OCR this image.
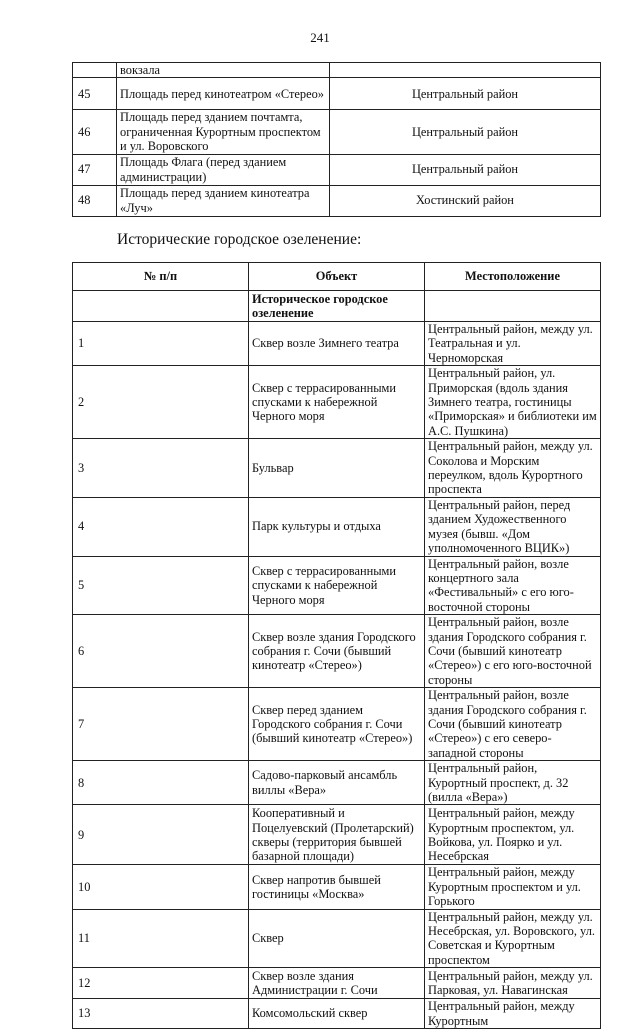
241
	вокзала	
45	Площадь перед кинотеатром «Стерео»	Центральный район
46	Площадь перед зданием почтамта, ограниченная Курортным проспектом и ул. Воровского	Центральный район
47	Площадь Флага (перед зданием администрации)	Центральный район
48	Площадь перед зданием кинотеатра «Луч»	Хостинский район
Исторические городское озеленение:
№ п/п	Объект	Местоположение
	Историческое городское озеленение	
1	Сквер возле Зимнего театра	Центральный район, между ул. Театральная и ул. Черноморская
2	Сквер с террасированными спусками к набережной Черного моря	Центральный район, ул. Приморская (вдоль здания Зимнего театра, гостиницы «Приморская» и библиотеки им А.С. Пушкина)
3	Бульвар	Центральный район, между ул. Соколова и Морским переулком, вдоль Курортного проспекта
4	Парк культуры и отдыха	Центральный район, перед зданием Художественного музея (бывш. «Дом уполномоченного ВЦИК»)
5	Сквер с террасированными спусками к набережной Черного моря	Центральный район, возле концертного зала «Фестивальный» с его юго-восточной стороны
6	Сквер возле здания Городского собрания г. Сочи (бывший кинотеатр «Стерео»)	Центральный район, возле здания Городского собрания г. Сочи (бывший кинотеатр «Стерео») с его юго-восточной стороны
7	Сквер перед зданием Городского собрания г. Сочи (бывший кинотеатр «Стерео»)	Центральный район, возле здания Городского собрания г. Сочи (бывший кинотеатр «Стерео») с его северо-западной стороны
8	Садово-парковый ансамбль виллы «Вера»	Центральный район, Курортный проспект, д. 32 (вилла «Вера»)
9	Кооперативный и Поцелуевский (Пролетарский) скверы (территория бывшей базарной площади)	Центральный район, между Курортным проспектом, ул. Войкова, ул. Поярко и ул. Несебрская
10	Сквер напротив бывшей гостиницы «Москва»	Центральный район, между Курортным проспектом и ул. Горького
11	Сквер	Центральный район, между ул. Несебрская, ул. Воровского, ул. Советская и Курортным проспектом
12	Сквер возле здания Администрации г. Сочи	Центральный район, между ул. Парковая, ул. Навагинская
13	Комсомольский сквер	Центральный район, между Курортным
